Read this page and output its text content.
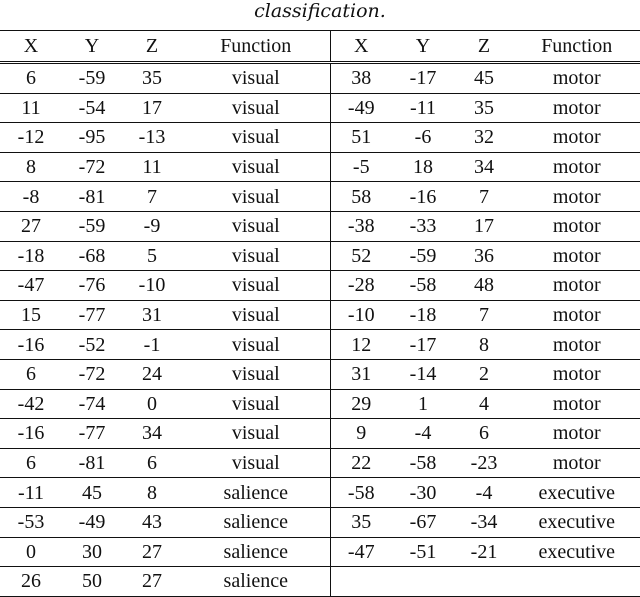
classification.
X	Y	Z	Function	X	Y	Z	Function
6	-59	35	visual	38	-17	45	motor
11	-54	17	visual	-49	-11	35	motor
-12	-95	-13	visual	51	-6	32	motor
8	-72	11	visual	-5	18	34	motor
-8	-81	7	visual	58	-16	7	motor
27	-59	-9	visual	-38	-33	17	motor
-18	-68	5	visual	52	-59	36	motor
-47	-76	-10	visual	-28	-58	48	motor
15	-77	31	visual	-10	-18	7	motor
-16	-52	-1	visual	12	-17	8	motor
6	-72	24	visual	31	-14	2	motor
-42	-74	0	visual	29	1	4	motor
-16	-77	34	visual	9	-4	6	motor
6	-81	6	visual	22	-58	-23	motor
-11	45	8	salience	-58	-30	-4	executive
-53	-49	43	salience	35	-67	-34	executive
0	30	27	salience	-47	-51	-21	executive
26	50	27	salience				
